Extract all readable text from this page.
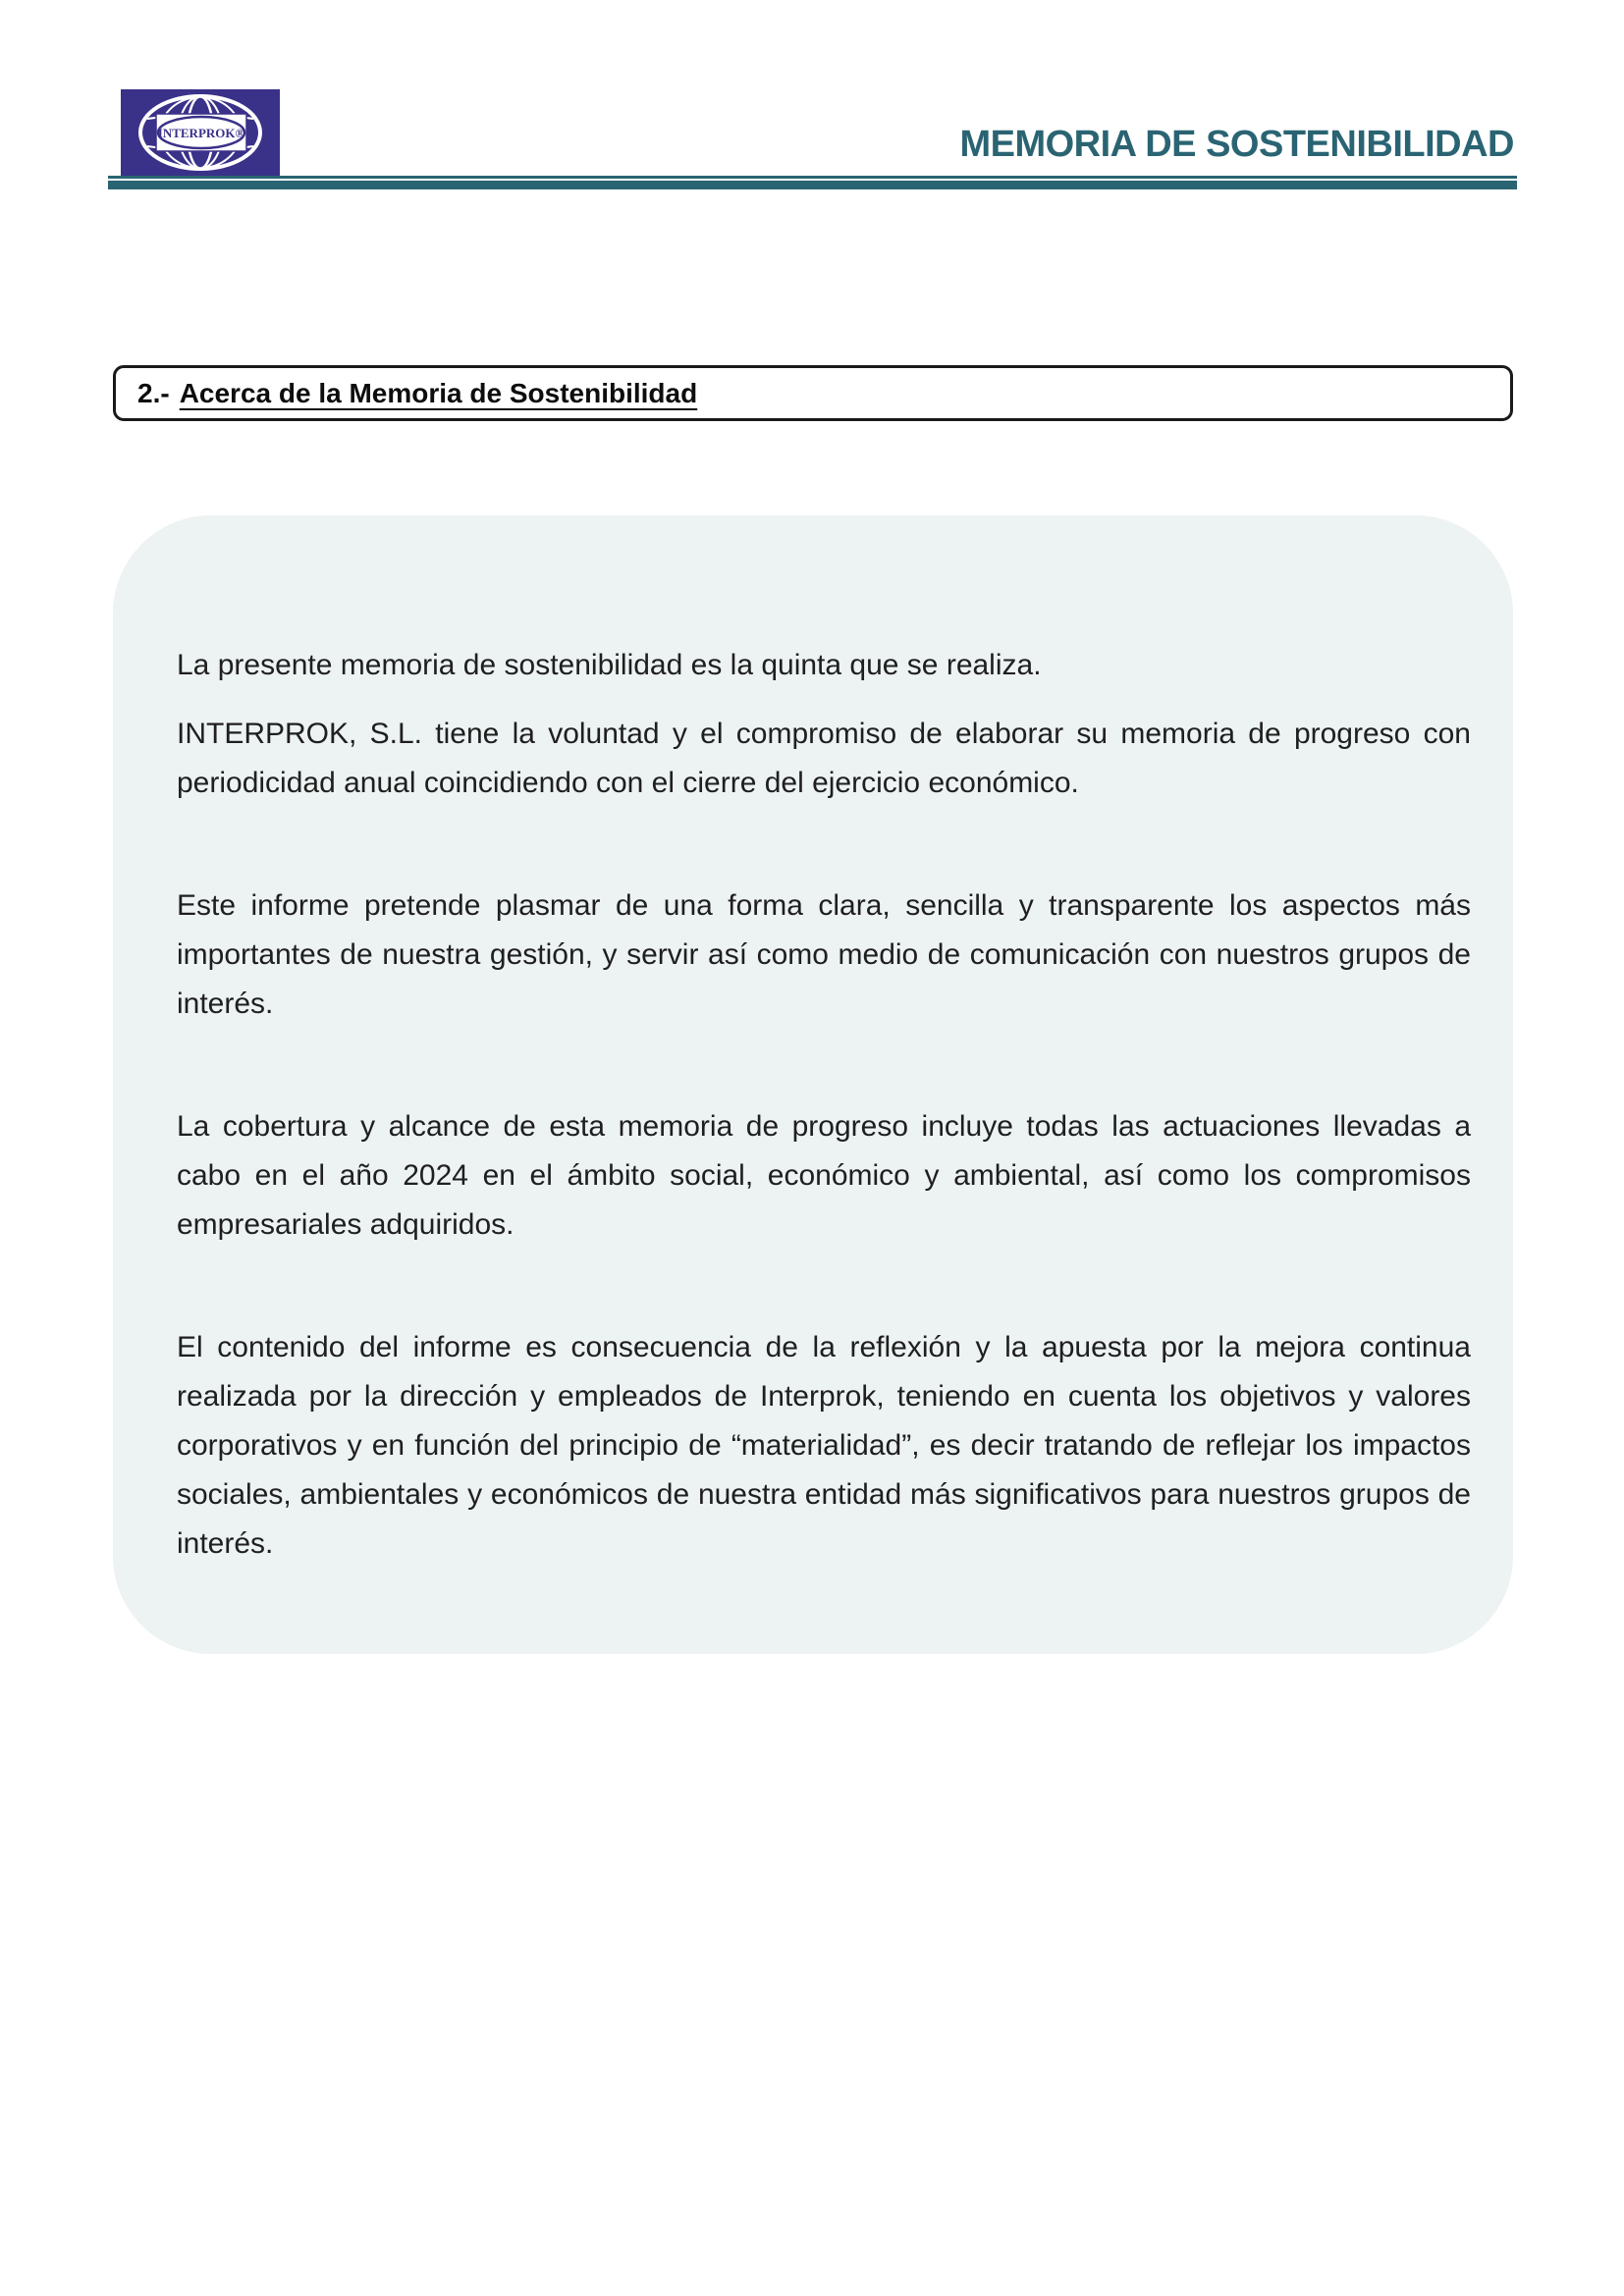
INTERPROK®	MEMORIA DE SOSTENIBILIDAD
2.- Acerca de la Memoria de Sostenibilidad

La presente memoria de sostenibilidad es la quinta que se realiza.

INTERPROK, S.L. tiene la voluntad y el compromiso de elaborar su memoria de progreso con periodicidad anual coincidiendo con el cierre del ejercicio económico.

Este informe pretende plasmar de una forma clara, sencilla y transparente los aspectos más importantes de nuestra gestión, y servir así como medio de comunicación con nuestros grupos de interés.

La cobertura y alcance de esta memoria de progreso incluye todas las actuaciones llevadas a cabo en el año 2024 en el ámbito social, económico y ambiental, así como los compromisos empresariales adquiridos.

El contenido del informe es consecuencia de la reflexión y la apuesta por la mejora continua realizada por la dirección y empleados de Interprok, teniendo en cuenta los objetivos y valores corporativos y en función del principio de “materialidad”, es decir tratando de reflejar los impactos sociales, ambientales y económicos de nuestra entidad más significativos para nuestros grupos de interés.
